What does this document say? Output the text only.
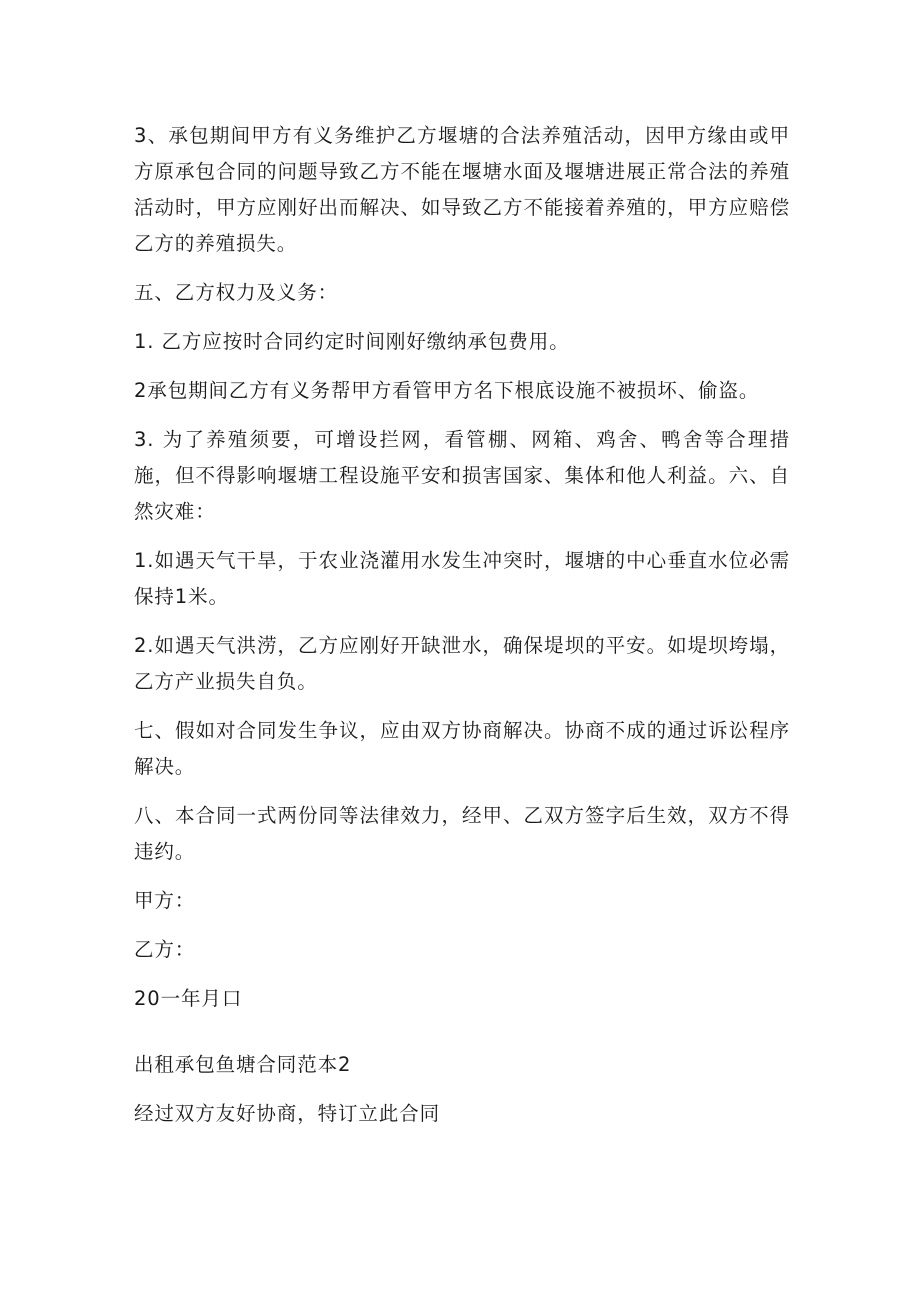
3、承包期间甲方有义务维护乙方堰塘的合法养殖活动，因甲方缘由或甲方原承包合同的问题导致乙方不能在堰塘水面及堰塘进展正常合法的养殖活动时，甲方应刚好出而解决、如导致乙方不能接着养殖的，甲方应赔偿乙方的养殖损失。

五、乙方权力及义务：

1. 乙方应按时合同约定时间刚好缴纳承包费用。

2承包期间乙方有义务帮甲方看管甲方名下根底设施不被损坏、偷盗。

3. 为了养殖须要，可增设拦网，看管棚、网箱、鸡舍、鸭舍等合理措施，但不得影响堰塘工程设施平安和损害国家、集体和他人利益。六、自然灾难：

1.如遇天气干旱，于农业浇灌用水发生冲突时，堰塘的中心垂直水位必需保持1米。

2.如遇天气洪涝，乙方应刚好开缺泄水，确保堤坝的平安。如堤坝垮塌，乙方产业损失自负。

七、假如对合同发生争议，应由双方协商解决。协商不成的通过诉讼程序解决。

八、本合同一式两份同等法律效力，经甲、乙双方签字后生效，双方不得违约。

甲方：

乙方：

20一年月口

出租承包鱼塘合同范本2

经过双方友好协商，特订立此合同
